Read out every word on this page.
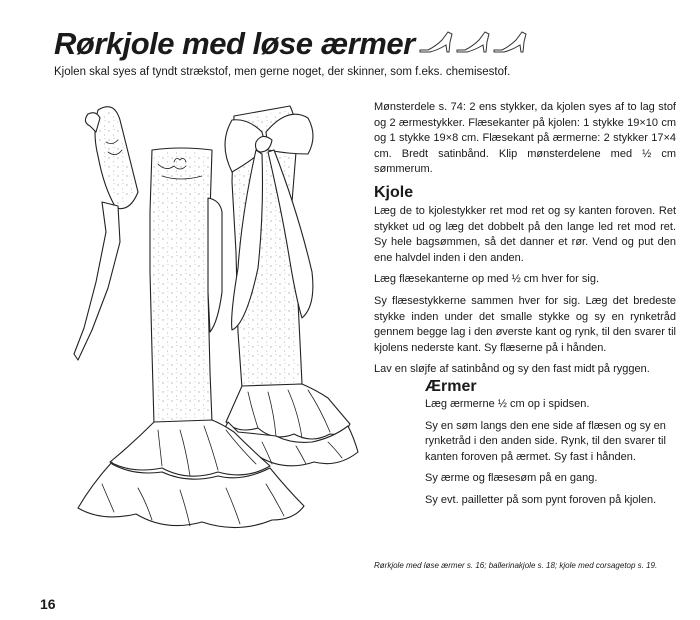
Rørkjole med løse ærmer

Kjolen skal syes af tyndt strækstof, men gerne noget, der skinner, som f.eks. chemisestof.

Mønsterdele s. 74: 2 ens stykker, da kjolen syes af to lag stof og 2 ærmestykker. Flæsekanter på kjolen: 1 stykke 19×10 cm og 1 stykke 19×8 cm. Flæsekant på ærmerne: 2 stykker 17×4 cm. Bredt satinbånd. Klip mønsterdelene med ½ cm sømmerum.

Kjole

Læg de to kjolestykker ret mod ret og sy kanten foroven. Ret stykket ud og læg det dobbelt på den lange led ret mod ret. Sy hele bagsømmen, så det danner et rør. Vend og put den ene halvdel inden i den anden.

Læg flæsekanterne op med ½ cm hver for sig.

Sy flæsestykkerne sammen hver for sig. Læg det bredeste stykke inden under det smalle stykke og sy en rynketråd gennem begge lag i den øverste kant og rynk, til den svarer til kjolens nederste kant. Sy flæserne på i hånden.

Lav en sløjfe af satinbånd og sy den fast midt på ryggen.

Ærmer

Læg ærmerne ½ cm op i spidsen.

Sy en søm langs den ene side af flæsen og sy en rynketråd i den anden side. Rynk, til den svarer til kanten foroven på ærmet. Sy fast i hånden.

Sy ærme og flæsesøm på en gang.

Sy evt. pailletter på som pynt foroven på kjolen.

Rørkjole med løse ærmer s. 16; ballerinakjole s. 18; kjole med corsagetop s. 19.

16
